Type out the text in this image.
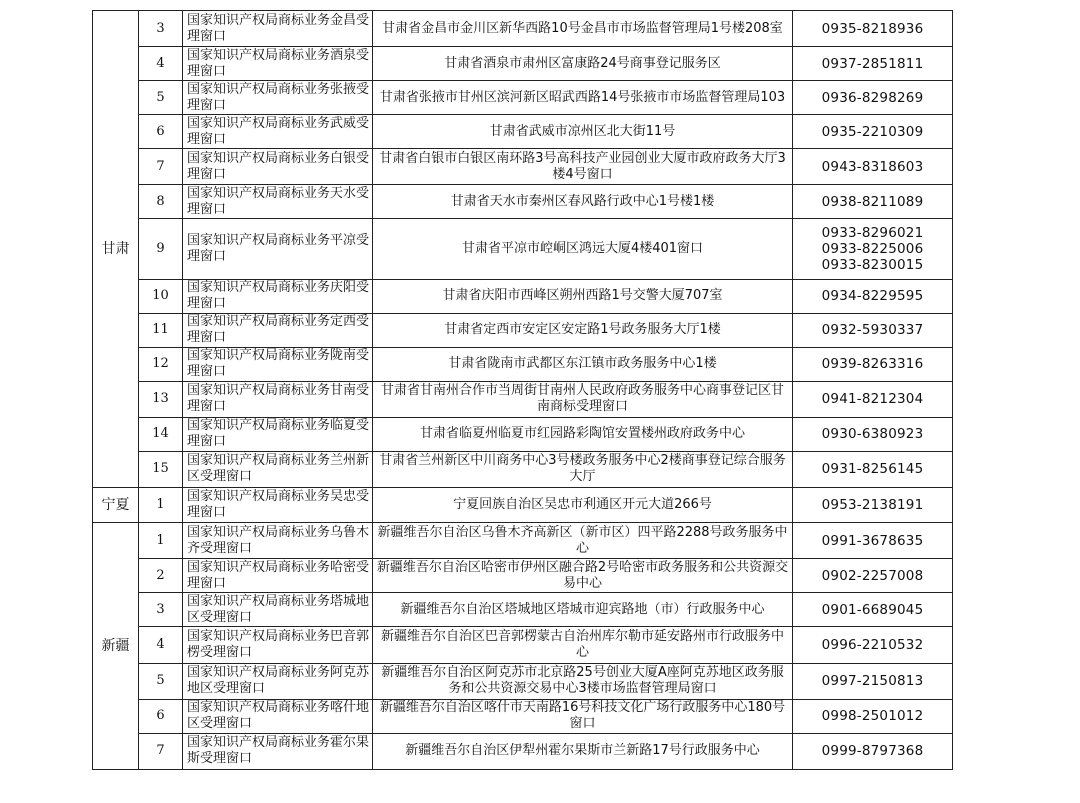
甘肃	3	国家知识产权局商标业务金昌受理窗口	甘肃省金昌市金川区新华西路10号金昌市市场监督管理局1号楼208室	0935-8218936

	4	国家知识产权局商标业务酒泉受理窗口	甘肃省酒泉市肃州区富康路24号商事登记服务区	0937-2851811

	5	国家知识产权局商标业务张掖受理窗口	甘肃省张掖市甘州区滨河新区昭武西路14号张掖市市场监督管理局103	0936-8298269

	6	国家知识产权局商标业务武威受理窗口	甘肃省武威市凉州区北大街11号	0935-2210309

	7	国家知识产权局商标业务白银受理窗口	甘肃省白银市白银区南环路3号高科技产业园创业大厦市政府政务大厅3楼4号窗口	0943-8318603

	8	国家知识产权局商标业务天水受理窗口	甘肃省天水市秦州区春风路行政中心1号楼1楼	0938-8211089

	9	国家知识产权局商标业务平凉受理窗口	甘肃省平凉市崆峒区鸿远大厦4楼401窗口	0933-8296021
0933-8225006
0933-8230015

	10	国家知识产权局商标业务庆阳受理窗口	甘肃省庆阳市西峰区朔州西路1号交警大厦707室	0934-8229595

	11	国家知识产权局商标业务定西受理窗口	甘肃省定西市安定区安定路1号政务服务大厅1楼	0932-5930337

	12	国家知识产权局商标业务陇南受理窗口	甘肃省陇南市武都区东江镇市政务服务中心1楼	0939-8263316

	13	国家知识产权局商标业务甘南受理窗口	甘肃省甘南州合作市当周街甘南州人民政府政务服务中心商事登记区甘南商标受理窗口	0941-8212304

	14	国家知识产权局商标业务临夏受理窗口	甘肃省临夏州临夏市红园路彩陶馆安置楼州政府政务中心	0930-6380923

	15	国家知识产权局商标业务兰州新区受理窗口	甘肃省兰州新区中川商务中心3号楼政务服务中心2楼商事登记综合服务大厅	0931-8256145

宁夏	1	国家知识产权局商标业务吴忠受理窗口	宁夏回族自治区吴忠市利通区开元大道266号	0953-2138191

新疆	1	国家知识产权局商标业务乌鲁木齐受理窗口	新疆维吾尔自治区乌鲁木齐高新区（新市区）四平路2288号政务服务中心	0991-3678635

	2	国家知识产权局商标业务哈密受理窗口	新疆维吾尔自治区哈密市伊州区融合路2号哈密市政务服务和公共资源交易中心	0902-2257008

	3	国家知识产权局商标业务塔城地区受理窗口	新疆维吾尔自治区塔城地区塔城市迎宾路地（市）行政服务中心	0901-6689045

	4	国家知识产权局商标业务巴音郭楞受理窗口	新疆维吾尔自治区巴音郭楞蒙古自治州库尔勒市延安路州市行政服务中心	0996-2210532

	5	国家知识产权局商标业务阿克苏地区受理窗口	新疆维吾尔自治区阿克苏市北京路25号创业大厦A座阿克苏地区政务服务和公共资源交易中心3楼市场监督管理局窗口	0997-2150813

	6	国家知识产权局商标业务喀什地区受理窗口	新疆维吾尔自治区喀什市天南路16号科技文化广场行政服务中心180号窗口	0998-2501012

	7	国家知识产权局商标业务霍尔果斯受理窗口	新疆维吾尔自治区伊犁州霍尔果斯市兰新路17号行政服务中心	0999-8797368
